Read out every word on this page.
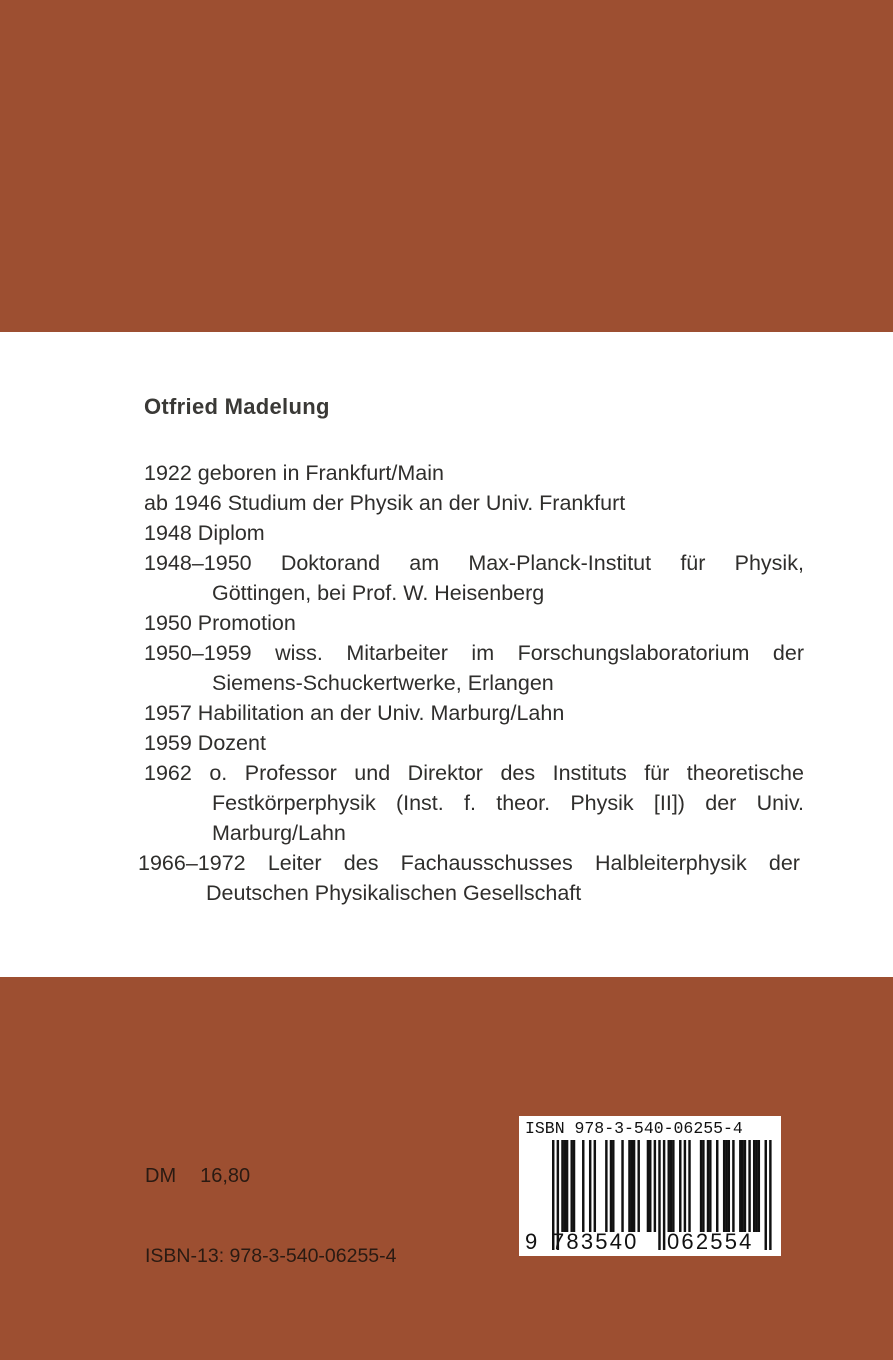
Otfried Madelung
1922 geboren in Frankfurt/Main
ab 1946 Studium der Physik an der Univ. Frankfurt
1948 Diplom
1948–1950 Doktorand am Max-Planck-Institut für Physik,
Göttingen, bei Prof. W. Heisenberg
1950 Promotion
1950–1959 wiss. Mitarbeiter im Forschungslaboratorium der
Siemens-Schuckertwerke, Erlangen
1957 Habilitation an der Univ. Marburg/Lahn
1959 Dozent
1962 o. Professor und Direktor des Instituts für theoretische
Festkörperphysik (Inst. f. theor. Physik [II]) der Univ.
Marburg/Lahn
1966–1972 Leiter des Fachausschusses Halbleiterphysik der
Deutschen Physikalischen Gesellschaft
DM 16,80
ISBN-13: 978-3-540-06255-4
ISBN 978-3-540-06255-4
9 783540 062554
